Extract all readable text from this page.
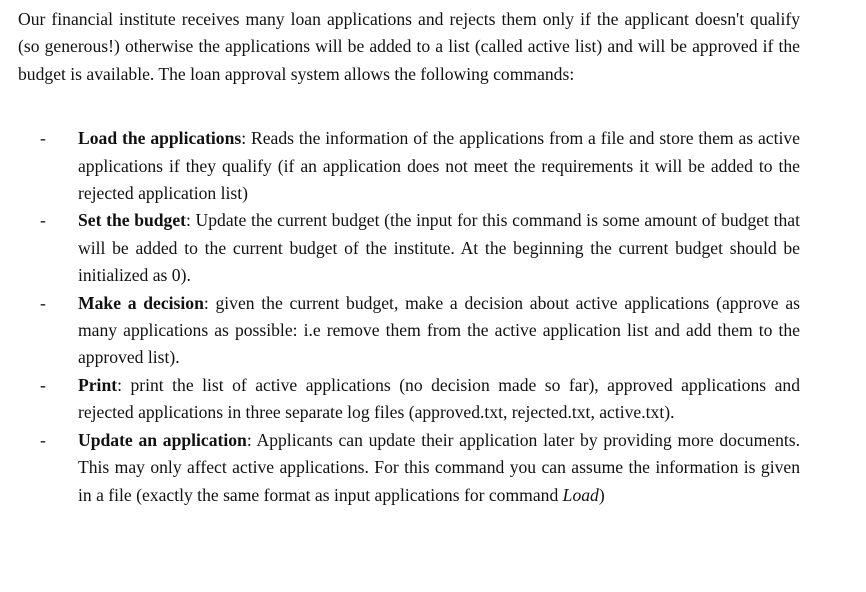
Our financial institute receives many loan applications and rejects them only if the applicant doesn't qualify (so generous!) otherwise the applications will be added to a list (called active list) and will be approved if the budget is available. The loan approval system allows the following commands:

- Load the applications: Reads the information of the applications from a file and store them as active applications if they qualify (if an application does not meet the requirements it will be added to the rejected application list)
- Set the budget: Update the current budget (the input for this command is some amount of budget that will be added to the current budget of the institute. At the beginning the current budget should be initialized as 0).
- Make a decision: given the current budget, make a decision about active applications (approve as many applications as possible: i.e remove them from the active application list and add them to the approved list).
- Print: print the list of active applications (no decision made so far), approved applications and rejected applications in three separate log files (approved.txt, rejected.txt, active.txt).
- Update an application: Applicants can update their application later by providing more documents. This may only affect active applications. For this command you can assume the information is given in a file (exactly the same format as input applications for command Load)
